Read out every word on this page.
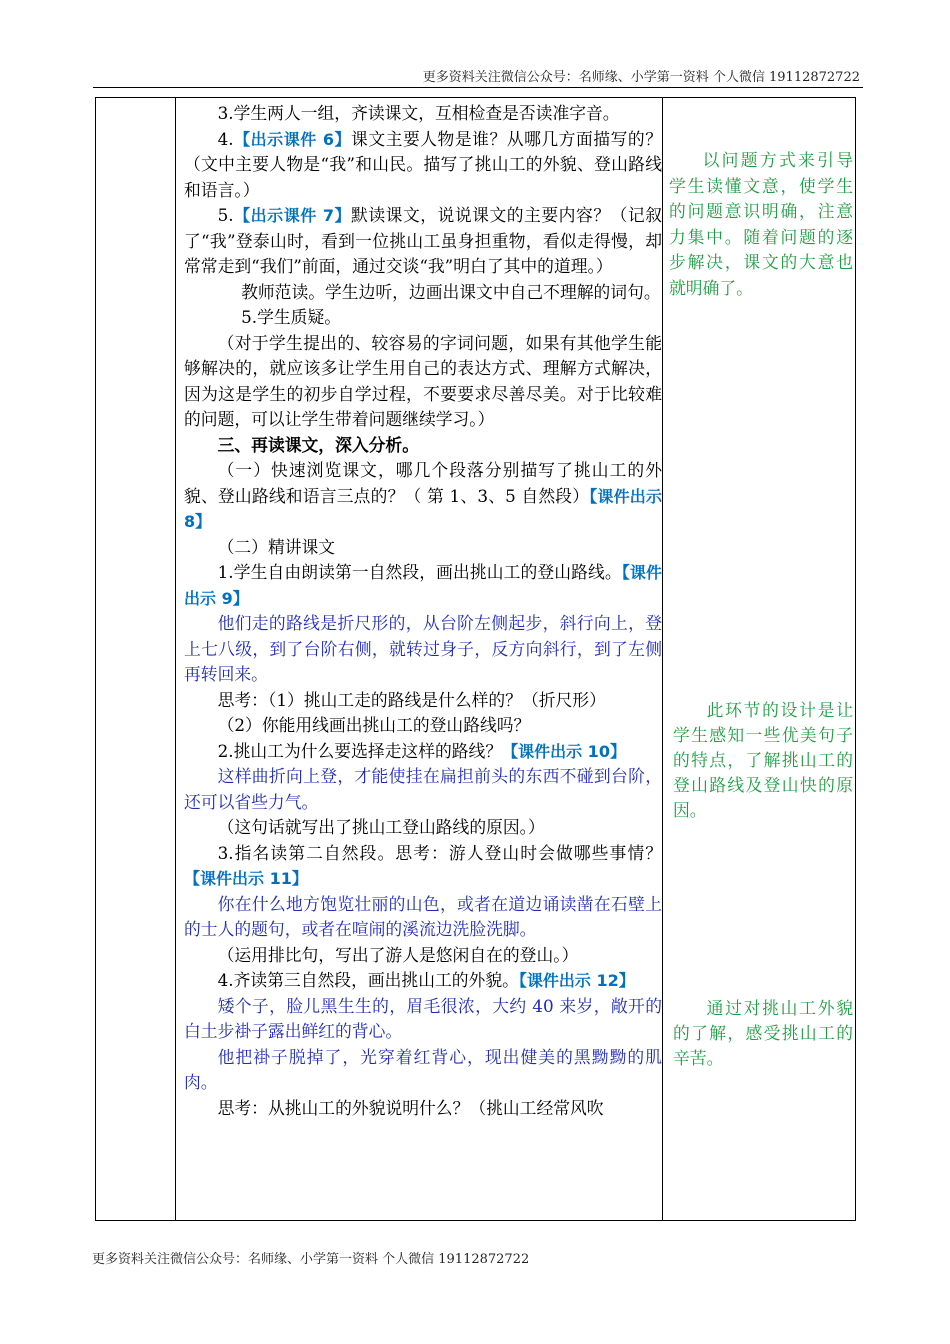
更多资料关注微信公众号：名师缘、小学第一资料 个人微信 19112872722

3.学生两人一组，齐读课文，互相检查是否读准字音。

4.【出示课件 6】课文主要人物是谁？从哪几方面描写的？（文中主要人物是“我”和山民。描写了挑山工的外貌、登山路线和语言。）

5.【出示课件 7】默读课文，说说课文的主要内容？（记叙了“我”登泰山时，看到一位挑山工虽身担重物，看似走得慢，却常常走到“我们”前面，通过交谈“我”明白了其中的道理。）

教师范读。学生边听，边画出课文中自己不理解的词句。

5.学生质疑。

（对于学生提出的、较容易的字词问题，如果有其他学生能够解决的，就应该多让学生用自己的表达方式、理解方式解决，因为这是学生的初步自学过程，不要要求尽善尽美。对于比较难的问题，可以让学生带着问题继续学习。）

三、再读课文，深入分析。

（一）快速浏览课文，哪几个段落分别描写了挑山工的外貌、登山路线和语言三点的？（ 第 1、3、5 自然段）【课件出示 8】

（二）精讲课文

1.学生自由朗读第一自然段，画出挑山工的登山路线。【课件出示 9】

他们走的路线是折尺形的，从台阶左侧起步，斜行向上，登上七八级，到了台阶右侧，就转过身子，反方向斜行，到了左侧再转回来。

思考：（1）挑山工走的路线是什么样的？（折尺形）

（2）你能用线画出挑山工的登山路线吗？

2.挑山工为什么要选择走这样的路线？【课件出示 10】

这样曲折向上登，才能使挂在扁担前头的东西不碰到台阶，还可以省些力气。

（这句话就写出了挑山工登山路线的原因。）

3.指名读第二自然段。思考：游人登山时会做哪些事情？【课件出示 11】

你在什么地方饱览壮丽的山色，或者在道边诵读凿在石壁上的士人的题句，或者在喧闹的溪流边洗脸洗脚。

（运用排比句，写出了游人是悠闲自在的登山。）

4.齐读第三自然段，画出挑山工的外貌。【课件出示 12】

矮个子，脸儿黑生生的，眉毛很浓，大约 40 来岁，敞开的白土步褂子露出鲜红的背心。

他把褂子脱掉了，光穿着红背心，现出健美的黑黝黝的肌肉。

思考：从挑山工的外貌说明什么？（挑山工经常风吹

以问题方式来引导学生读懂文意，使学生的问题意识明确，注意力集中。随着问题的逐步解决，课文的大意也就明确了。
此环节的设计是让学生感知一些优美句子的特点，了解挑山工的登山路线及登山快的原因。
通过对挑山工外貌的了解，感受挑山工的辛苦。
更多资料关注微信公众号：名师缘、小学第一资料 个人微信 19112872722
